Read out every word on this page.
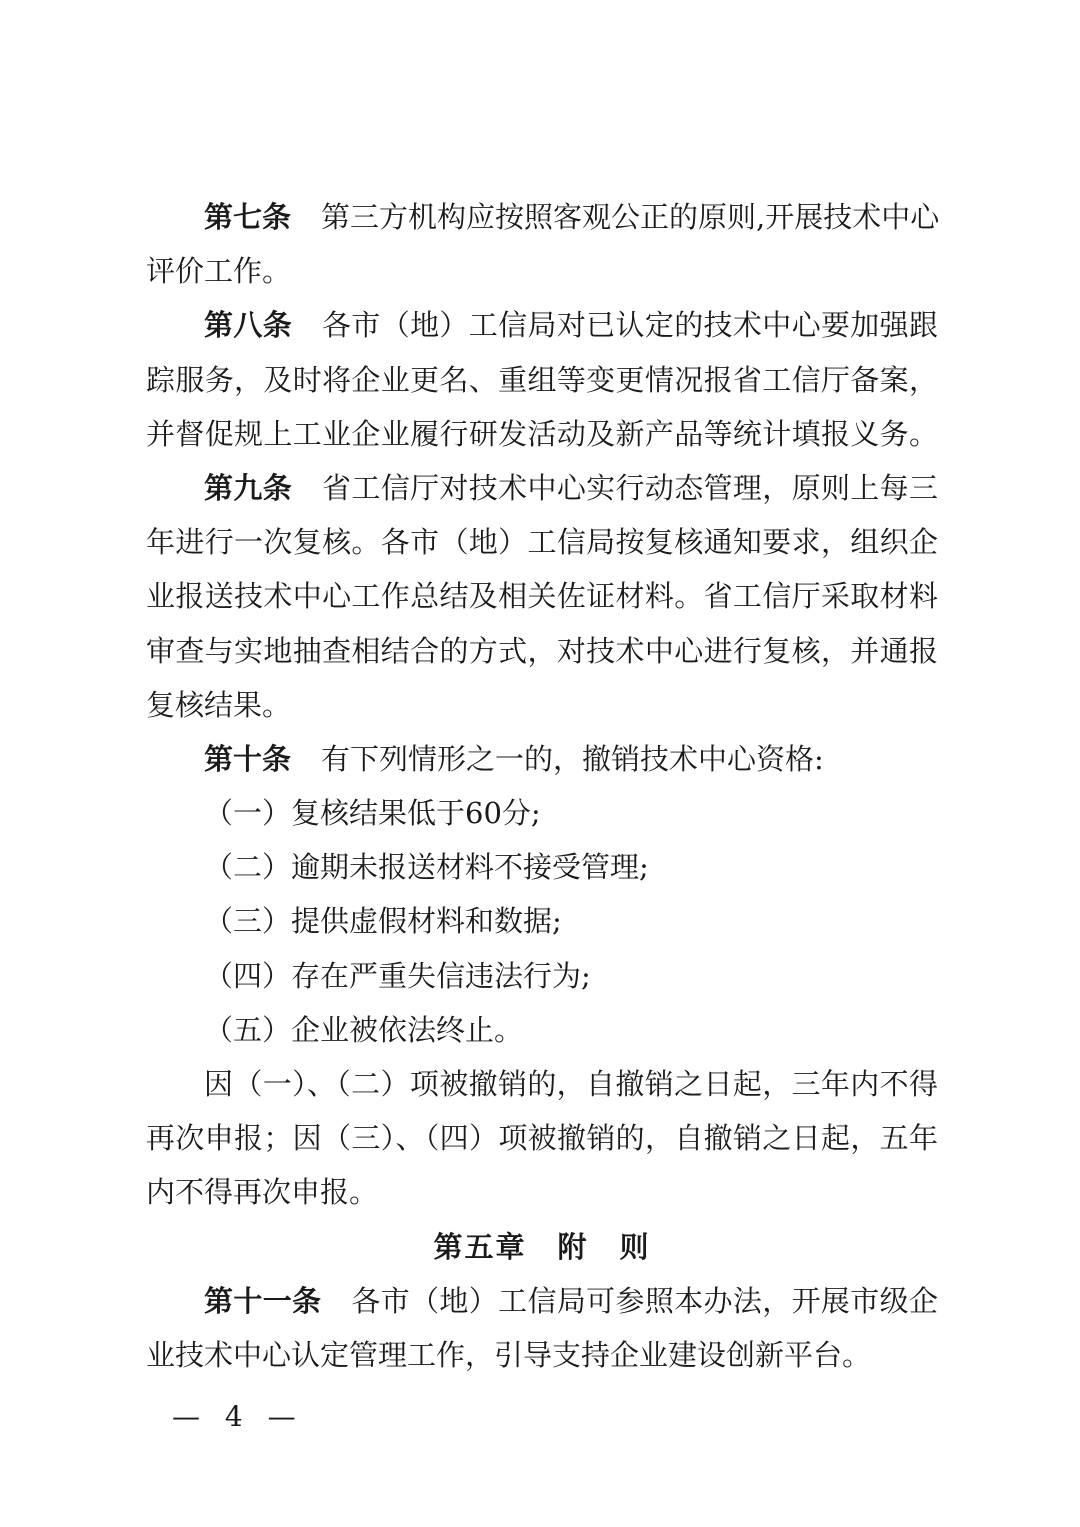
第七条 第三方机构应按照客观公正的原则,开展技术中心
评价工作。
第八条 各市（地）工信局对已认定的技术中心要加强跟
踪服务，及时将企业更名、重组等变更情况报省工信厅备案，
并督促规上工业企业履行研发活动及新产品等统计填报义务。
第九条 省工信厅对技术中心实行动态管理，原则上每三
年进行一次复核。各市（地）工信局按复核通知要求，组织企
业报送技术中心工作总结及相关佐证材料。省工信厅采取材料
审查与实地抽查相结合的方式，对技术中心进行复核，并通报
复核结果。
第十条 有下列情形之一的，撤销技术中心资格:
（一）复核结果低于60分;
（二）逾期未报送材料不接受管理;
（三）提供虚假材料和数据;
（四）存在严重失信违法行为;
（五）企业被依法终止。
因（一）、（二）项被撤销的，自撤销之日起，三年内不得
再次申报；因（三）、（四）项被撤销的，自撤销之日起，五年
内不得再次申报。
第五章　附　则
第十一条 各市（地）工信局可参照本办法，开展市级企
业技术中心认定管理工作，引导支持企业建设创新平台。
— 4 —
